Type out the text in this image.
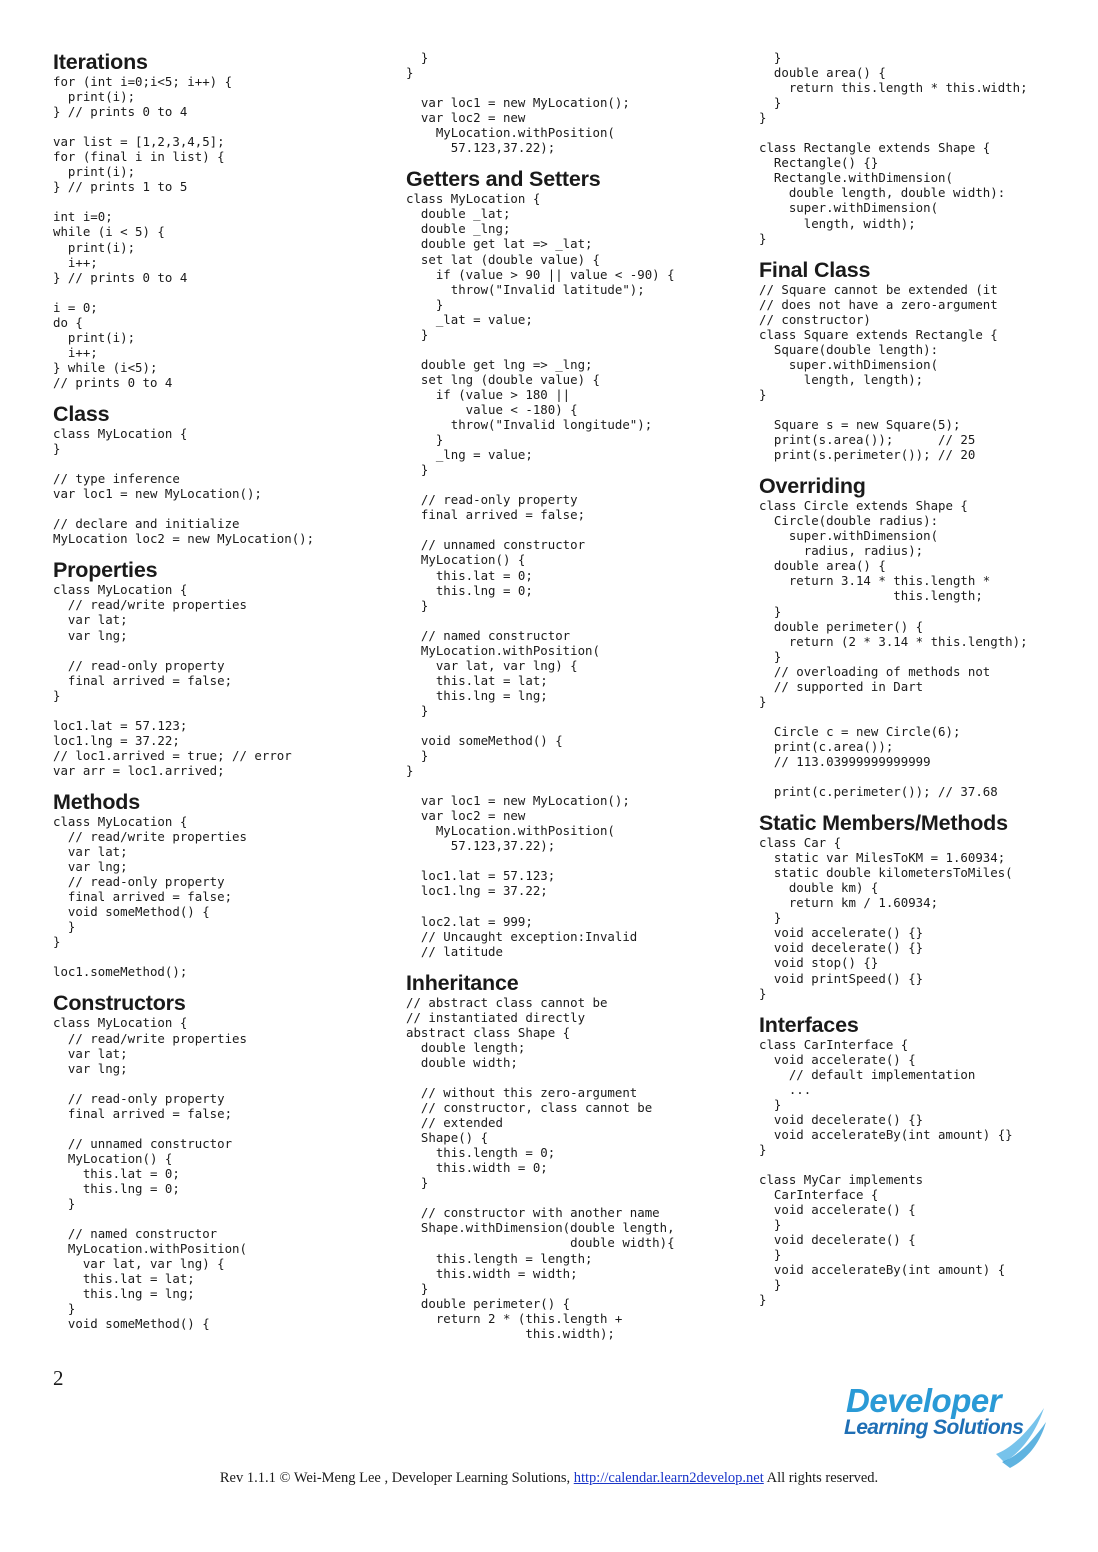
Iterations
for (int i=0;i<5; i++) {
print(i);
} // prints 0 to 4

var list = [1,2,3,4,5];
for (final i in list) {
print(i);
} // prints 1 to 5

int i=0;
while (i < 5) {
print(i);
i++;
} // prints 0 to 4

i = 0;
do {
print(i);
i++;
} while (i<5);
// prints 0 to 4
Class
class MyLocation {
}

// type inference
var loc1 = new MyLocation();

// declare and initialize
MyLocation loc2 = new MyLocation();
Properties
class MyLocation {
// read/write properties
var lat;
var lng;

// read-only property
final arrived = false;
}

loc1.lat = 57.123;
loc1.lng = 37.22;
// loc1.arrived = true; // error
var arr = loc1.arrived;
Methods
class MyLocation {
// read/write properties
var lat;
var lng;
// read-only property
final arrived = false;
void someMethod() {
}
}

loc1.someMethod();
Constructors
class MyLocation {
// read/write properties
var lat;
var lng;

// read-only property
final arrived = false;

// unnamed constructor
MyLocation() {
this.lat = 0;
this.lng = 0;
}

// named constructor
MyLocation.withPosition(
var lat, var lng) {
this.lat = lat;
this.lng = lng;
}
void someMethod() {
}
}

var loc1 = new MyLocation();
var loc2 = new
MyLocation.withPosition(
57.123,37.22);
Getters and Setters
class MyLocation {
double _lat;
double _lng;
double get lat => _lat;
set lat (double value) {
if (value > 90 || value < -90) {
throw("Invalid latitude");
}
_lat = value;
}

double get lng => _lng;
set lng (double value) {
if (value > 180 ||
value < -180) {
throw("Invalid longitude");
}
_lng = value;
}

// read-only property
final arrived = false;

// unnamed constructor
MyLocation() {
this.lat = 0;
this.lng = 0;
}

// named constructor
MyLocation.withPosition(
var lat, var lng) {
this.lat = lat;
this.lng = lng;
}

void someMethod() {
}
}

var loc1 = new MyLocation();
var loc2 = new
MyLocation.withPosition(
57.123,37.22);

loc1.lat = 57.123;
loc1.lng = 37.22;

loc2.lat = 999;
// Uncaught exception:Invalid
// latitude
Inheritance
// abstract class cannot be
// instantiated directly
abstract class Shape {
double length;
double width;

// without this zero-argument
// constructor, class cannot be
// extended
Shape() {
this.length = 0;
this.width = 0;
}

// constructor with another name
Shape.withDimension(double length,
double width){
this.length = length;
this.width = width;
}
double perimeter() {
return 2 * (this.length +
this.width);
}
double area() {
return this.length * this.width;
}
}

class Rectangle extends Shape {
Rectangle() {}
Rectangle.withDimension(
double length, double width):
super.withDimension(
length, width);
}
Final Class
// Square cannot be extended (it
// does not have a zero-argument
// constructor)
class Square extends Rectangle {
Square(double length):
super.withDimension(
length, length);
}

Square s = new Square(5);
print(s.area());      // 25
print(s.perimeter()); // 20
Overriding
class Circle extends Shape {
Circle(double radius):
super.withDimension(
radius, radius);
double area() {
return 3.14 * this.length *
this.length;
}
double perimeter() {
return (2 * 3.14 * this.length);
}
// overloading of methods not
// supported in Dart
}

Circle c = new Circle(6);
print(c.area());
// 113.03999999999999

print(c.perimeter()); // 37.68
Static Members/Methods
class Car {
static var MilesToKM = 1.60934;
static double kilometersToMiles(
double km) {
return km / 1.60934;
}
void accelerate() {}
void decelerate() {}
void stop() {}
void printSpeed() {}
}
Interfaces
class CarInterface {
void accelerate() {
// default implementation
...
}
void decelerate() {}
void accelerateBy(int amount) {}
}

class MyCar implements
CarInterface {
void accelerate() {
}
void decelerate() {
}
void accelerateBy(int amount) {
}
}
2
Developer
Learning Solutions
Rev 1.1.1 © Wei-Meng Lee , Developer Learning Solutions, http://calendar.learn2develop.net All rights reserved.
